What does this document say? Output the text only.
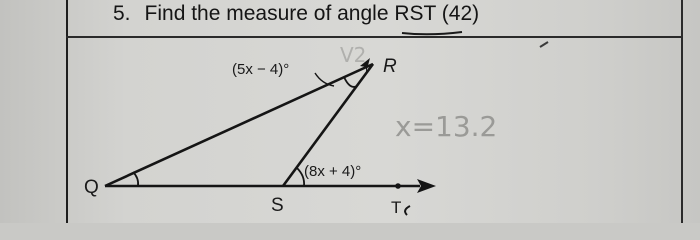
5. Find the measure of angle RST (42)
Q
R
S	T
(5x − 4)°
(8x + 4)°
V2
x=13.2
